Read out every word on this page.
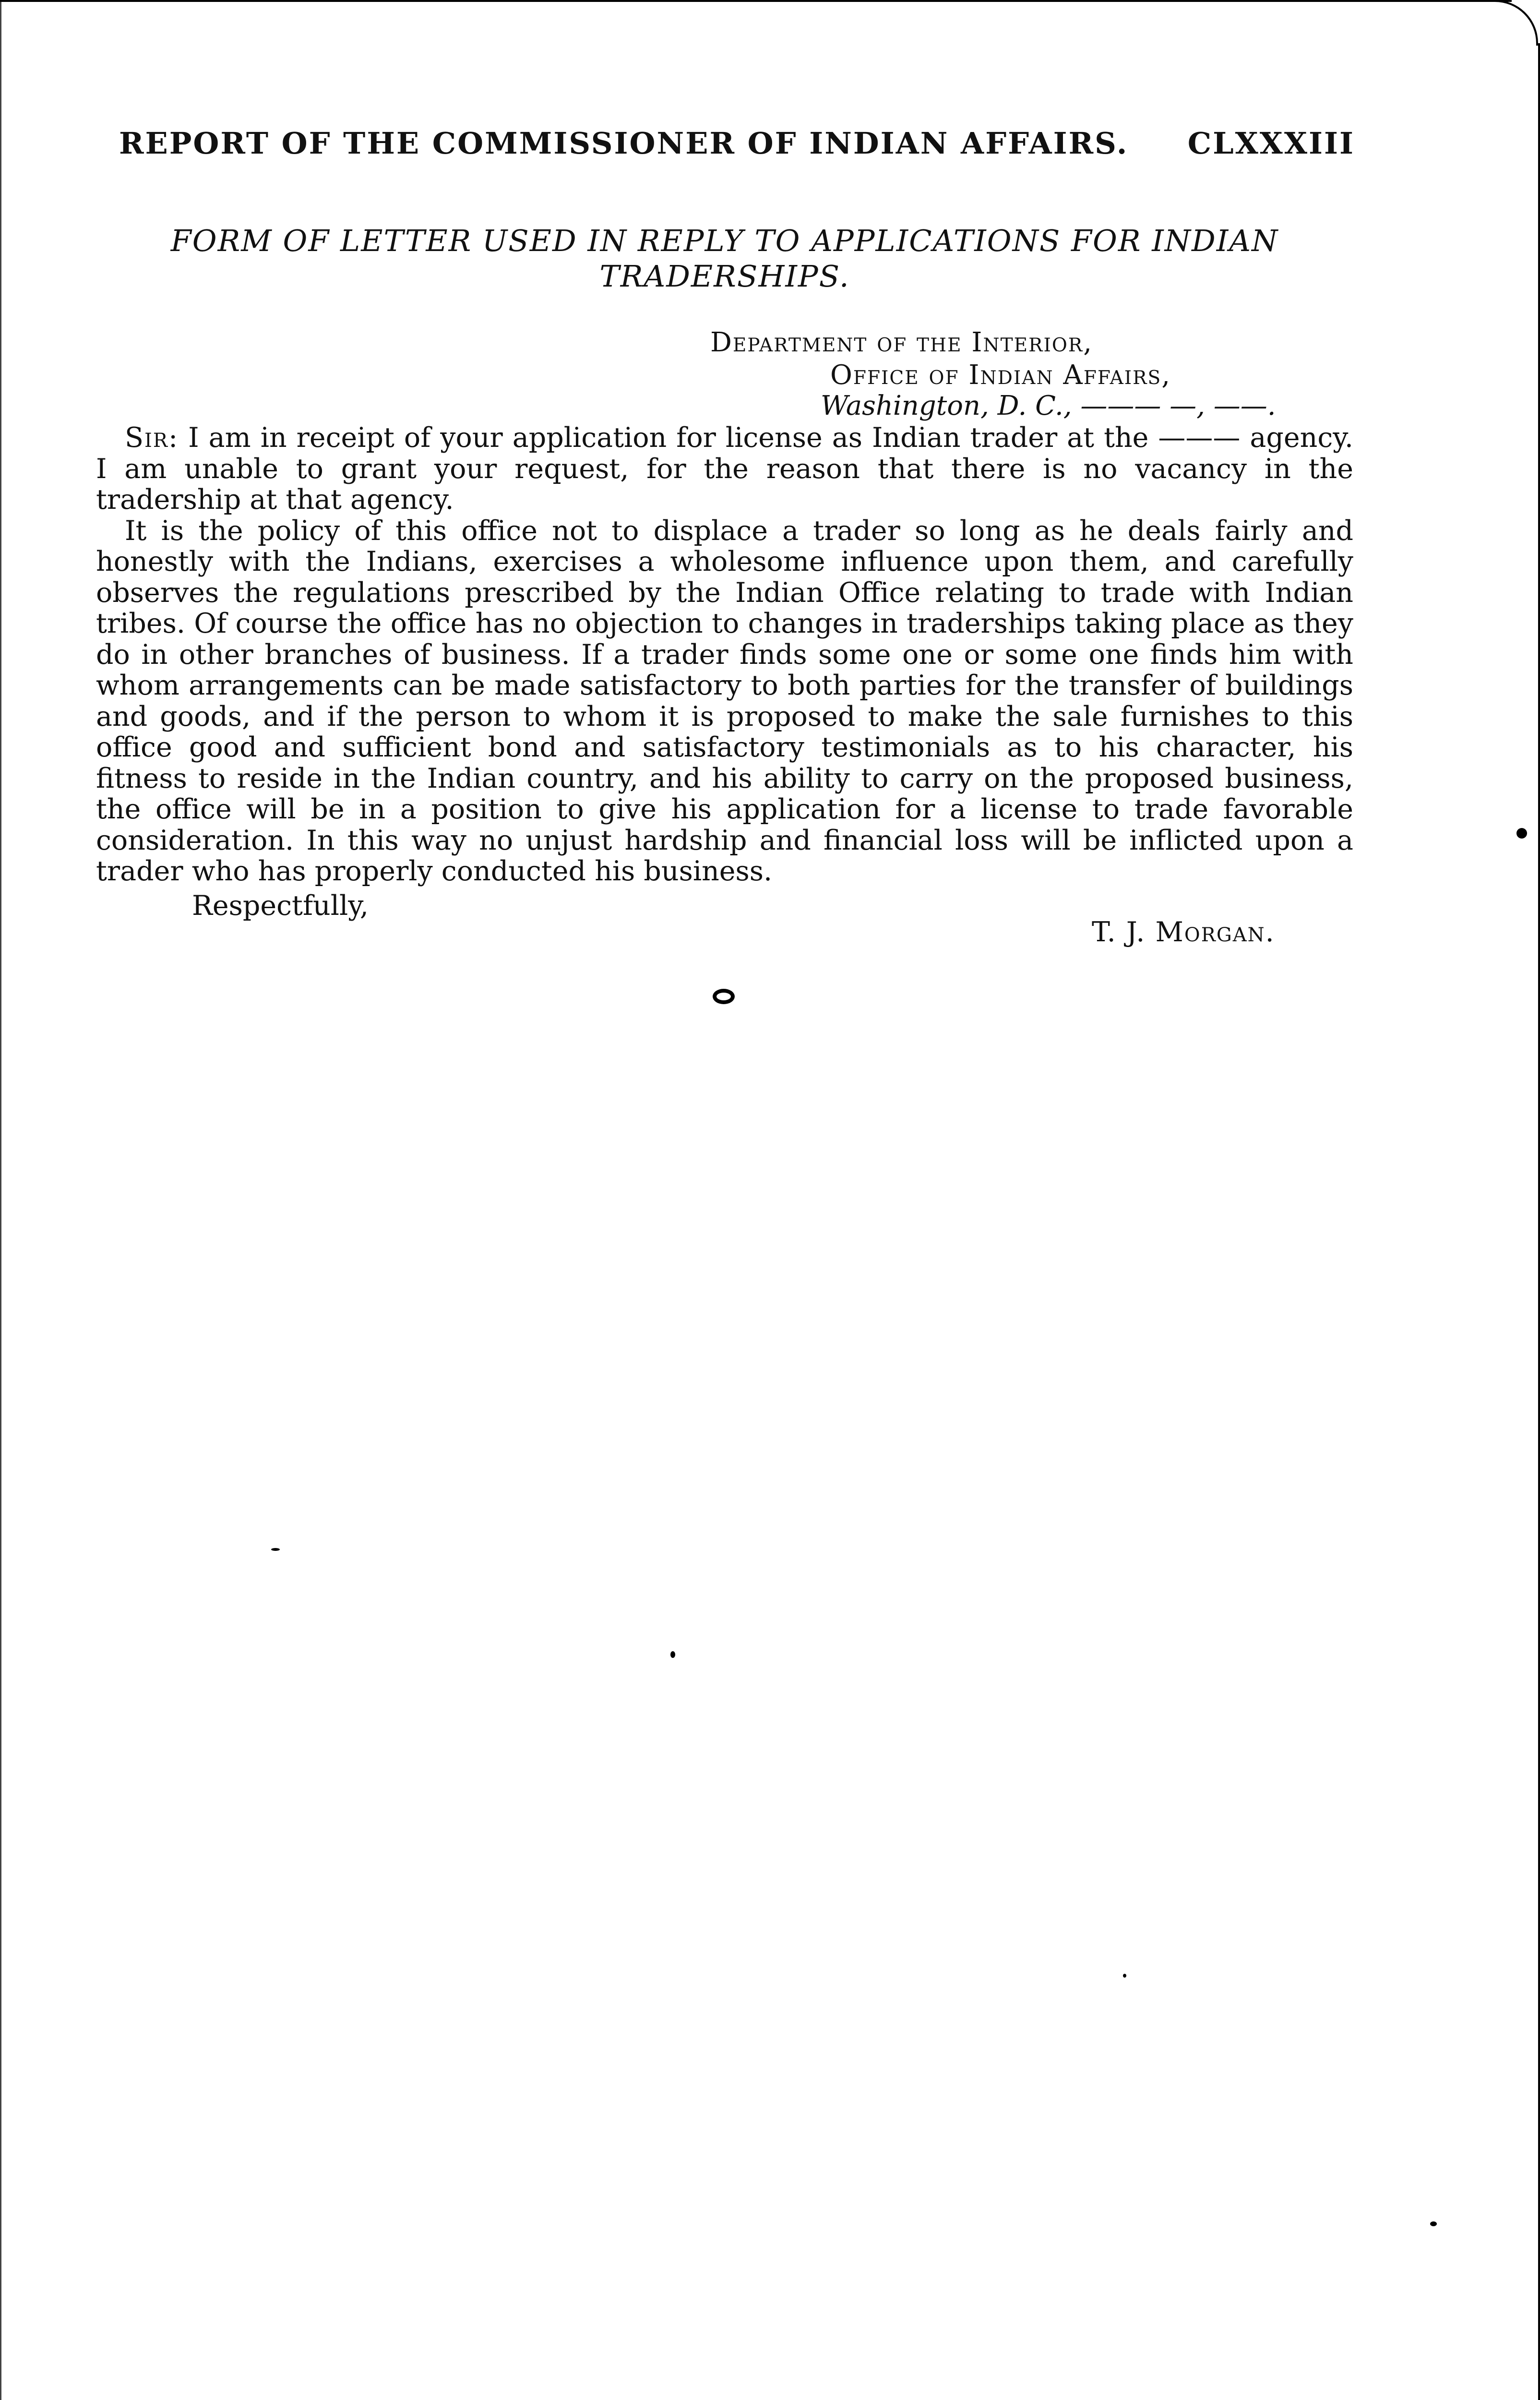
REPORT OF THE COMMISSIONER OF INDIAN AFFAIRS. CLXXXIII
FORM OF LETTER USED IN REPLY TO APPLICATIONS FOR INDIAN TRADERSHIPS.
Department of the Interior,
Office of Indian Affairs,
Washington, D. C., ——— —, ——.

Sir: I am in receipt of your application for license as Indian trader at the ——— agency. I am unable to grant your request, for the reason that there is no vacancy in the tradership at that agency.

It is the policy of this office not to displace a trader so long as he deals fairly and honestly with the Indians, exercises a wholesome influence upon them, and carefully observes the regulations prescribed by the Indian Office relating to trade with Indian tribes. Of course the office has no objection to changes in traderships taking place as they do in other branches of business. If a trader finds some one or some one finds him with whom arrangements can be made satisfactory to both parties for the transfer of buildings and goods, and if the person to whom it is proposed to make the sale furnishes to this office good and sufficient bond and satisfactory testimonials as to his character, his fitness to reside in the Indian country, and his ability to carry on the proposed business, the office will be in a position to give his application for a license to trade favorable consideration. In this way no unjust hardship and financial loss will be inflicted upon a trader who has properly conducted his business.

Respectfully,
T. J. Morgan.
